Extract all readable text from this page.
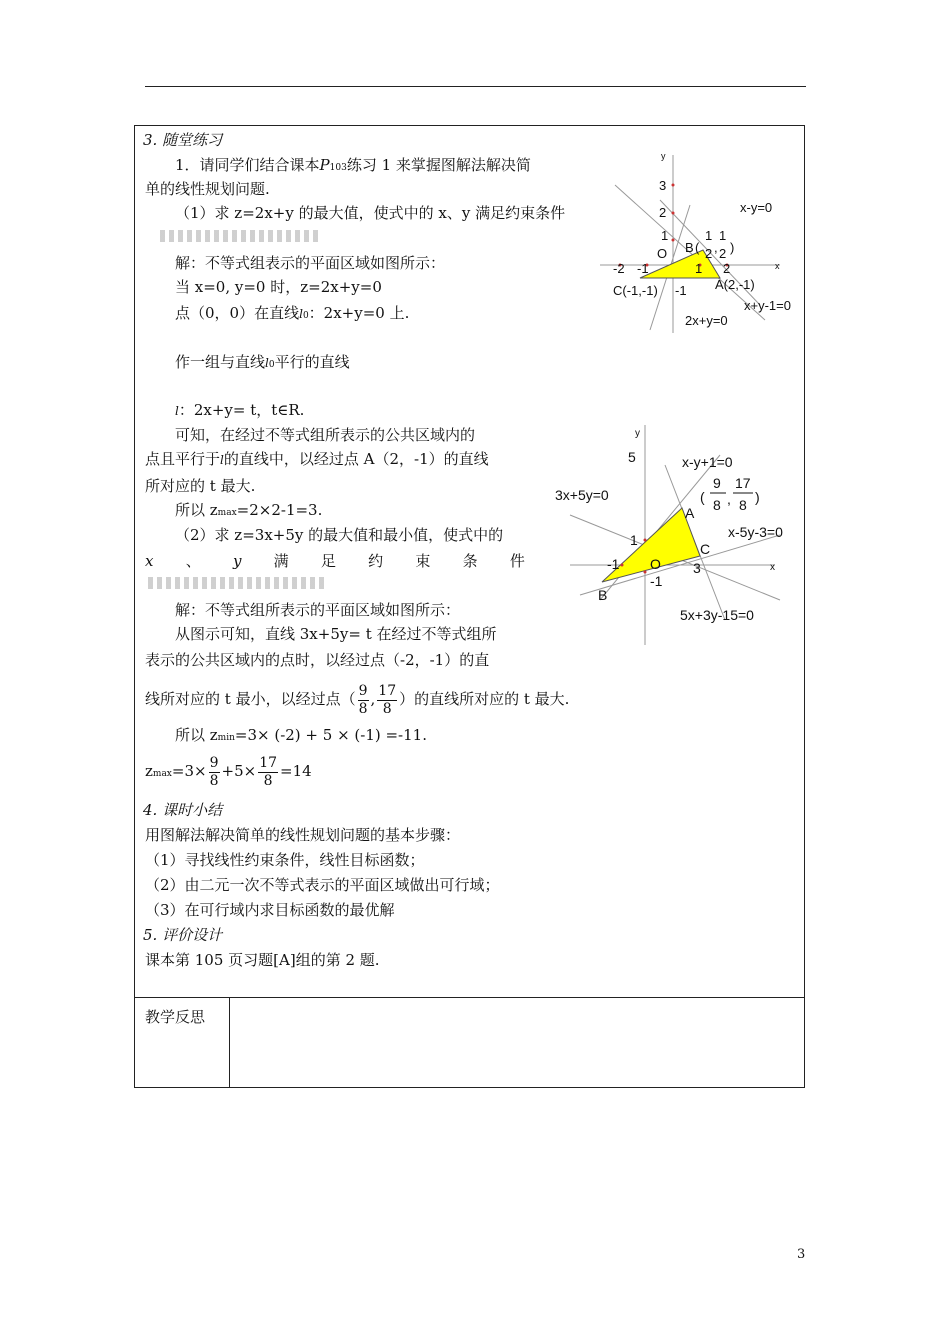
教学反思
3. 随堂练习
1．请同学们结合课本P103练习 1 来掌握图解法解决简
单的线性规划问题.
（1）求 z=2x+y 的最大值，使式中的 x、y 满足约束条件
解：不等式组表示的平面区域如图所示：
当 x=0, y=0 时，z=2x+y=0
点（0，0）在直线l0：2x+y=0 上.
作一组与直线l0平行的直线
l：2x+y= t，t∈R.
可知，在经过不等式组所表示的公共区域内的
点且平行于l的直线中，以经过点 A（2，-1）的直线
所对应的 t 最大.
所以 zmax=2×2-1=3.
（2）求 z=3x+5y 的最大值和最小值，使式中的
x 、 y 满 足 约 束 条 件
解：不等式组所表示的平面区域如图所示：
从图示可知，直线 3x+5y= t 在经过不等式组所
表示的公共区域内的点时，以经过点（-2，-1）的直
线所对应的 t 最小，以经过点（ $\frac{9}{8}$ , $\frac{17}{8}$ ）的直线所对应的 t 最大.
所以 zmin=3× (-2) + 5 × (-1) =-11.
$zmax=3\times \frac{9}{8} +5\times \frac{17}{8} =14$
4. 课时小结
用图解法解决简单的线性规划问题的基本步骤：
（1）寻找线性约束条件，线性目标函数；
（2）由二元一次不等式表示的平面区域做出可行域；
（3）在可行域内求目标函数的最优解
5. 评价设计
课本第 105 页习题[A]组的第 2 题.
y
x
3
2
1
O
-2 -1	1 2
-1
B (
1
2 ,
1
2 )
A(2,-1)
C(-1,-1)
x-y=0
x+y-1=0
2x+y=0
y
x
5
1
O
-1
-1
3
A
B
C
x-y+1=0
3x+5y=0
x-5y-3=0
5x+3y-15=0
(
9
8 ,
17
8 )
3
